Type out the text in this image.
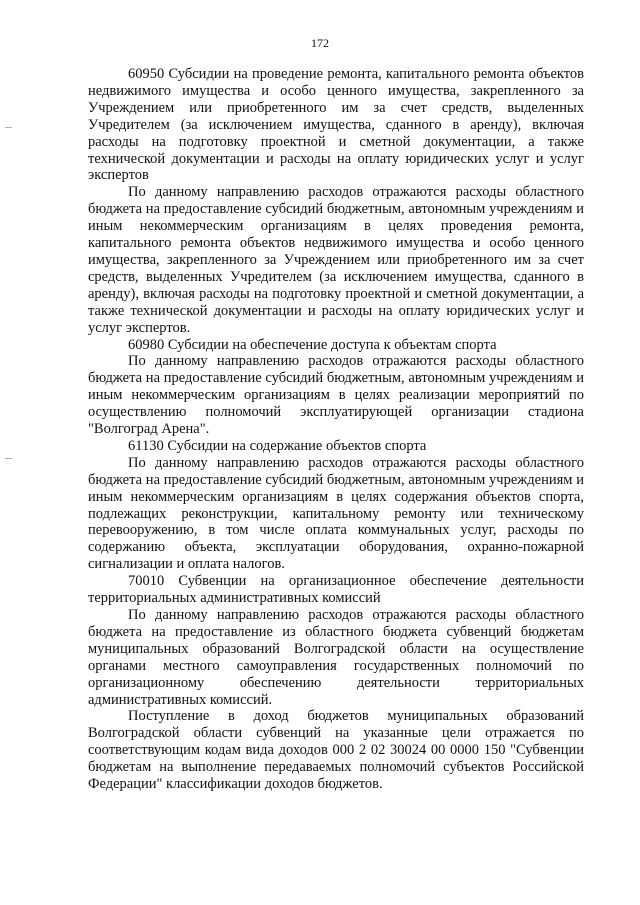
172

60950 Субсидии на проведение ремонта, капитального ремонта объектов недвижимого имущества и особо ценного имущества, закрепленного за Учреждением или приобретенного им за счет средств, выделенных Учредителем (за исключением имущества, сданного в аренду), включая расходы на подготовку проектной и сметной документации, а также технической документации и расходы на оплату юридических услуг и услуг экспертов

По данному направлению расходов отражаются расходы областного бюджета на предоставление субсидий бюджетным, автономным учреждениям и иным некоммерческим организациям в целях проведения ремонта, капитального ремонта объектов недвижимого имущества и особо ценного имущества, закрепленного за Учреждением или приобретенного им за счет средств, выделенных Учредителем (за исключением имущества, сданного в аренду), включая расходы на подготовку проектной и сметной документации, а также технической документации и расходы на оплату юридических услуг и услуг экспертов.

60980 Субсидии на обеспечение доступа к объектам спорта

По данному направлению расходов отражаются расходы областного бюджета на предоставление субсидий бюджетным, автономным учреждениям и иным некоммерческим организациям в целях реализации мероприятий по осуществлению полномочий эксплуатирующей организации стадиона "Волгоград Арена".

61130 Субсидии на содержание объектов спорта

По данному направлению расходов отражаются расходы областного бюджета на предоставление субсидий бюджетным, автономным учреждениям и иным некоммерческим организациям в целях содержания объектов спорта, подлежащих реконструкции, капитальному ремонту или техническому перевооружению, в том числе оплата коммунальных услуг, расходы по содержанию объекта, эксплуатации оборудования, охранно-пожарной сигнализации и оплата налогов.

70010 Субвенции на организационное обеспечение деятельности территориальных административных комиссий

По данному направлению расходов отражаются расходы областного бюджета на предоставление из областного бюджета субвенций бюджетам муниципальных образований Волгоградской области на осуществление органами местного самоуправления государственных полномочий по организационному обеспечению деятельности территориальных административных комиссий.

Поступление в доход бюджетов муниципальных образований Волгоградской области субвенций на указанные цели отражается по соответствующим кодам вида доходов 000 2 02 30024 00 0000 150 "Субвенции бюджетам на выполнение передаваемых полномочий субъектов Российской Федерации" классификации доходов бюджетов.
